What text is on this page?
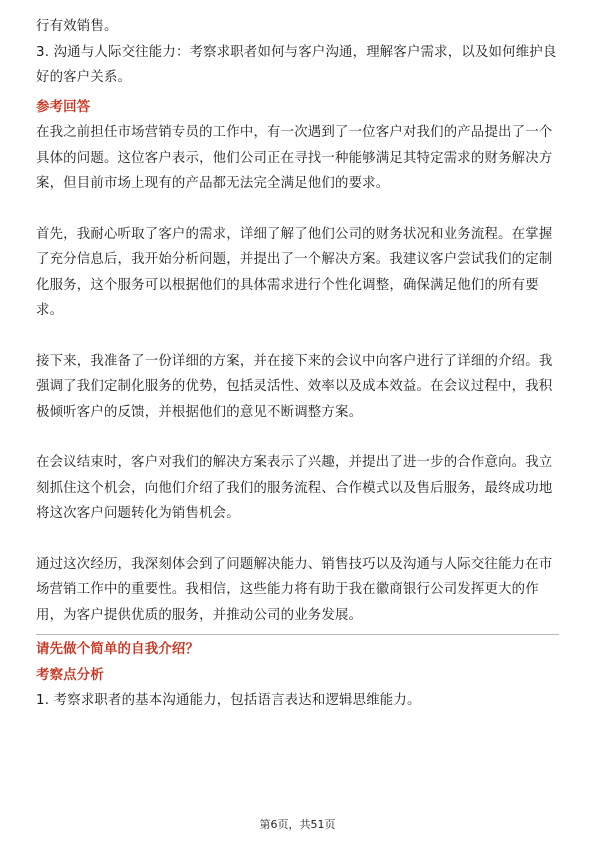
行有效销售。

3. 沟通与人际交往能力：考察求职者如何与客户沟通，理解客户需求，以及如何维护良好的客户关系。

参考回答

在我之前担任市场营销专员的工作中，有一次遇到了一位客户对我们的产品提出了一个具体的问题。这位客户表示，他们公司正在寻找一种能够满足其特定需求的财务解决方案，但目前市场上现有的产品都无法完全满足他们的要求。

首先，我耐心听取了客户的需求，详细了解了他们公司的财务状况和业务流程。在掌握了充分信息后，我开始分析问题，并提出了一个解决方案。我建议客户尝试我们的定制化服务，这个服务可以根据他们的具体需求进行个性化调整，确保满足他们的所有要求。

接下来，我准备了一份详细的方案，并在接下来的会议中向客户进行了详细的介绍。我强调了我们定制化服务的优势，包括灵活性、效率以及成本效益。在会议过程中，我积极倾听客户的反馈，并根据他们的意见不断调整方案。

在会议结束时，客户对我们的解决方案表示了兴趣，并提出了进一步的合作意向。我立刻抓住这个机会，向他们介绍了我们的服务流程、合作模式以及售后服务，最终成功地将这次客户问题转化为销售机会。

通过这次经历，我深刻体会到了问题解决能力、销售技巧以及沟通与人际交往能力在市场营销工作中的重要性。我相信，这些能力将有助于我在徽商银行公司发挥更大的作用，为客户提供优质的服务，并推动公司的业务发展。

请先做个简单的自我介绍？

考察点分析

1. 考察求职者的基本沟通能力，包括语言表达和逻辑思维能力。

第6页，共51页
